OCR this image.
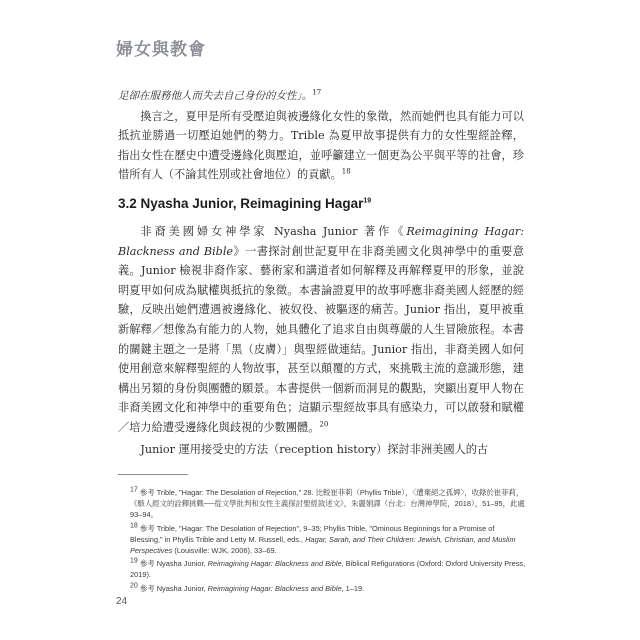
婦女與教會

足卻在服務他人而失去自己身份的女性」。$^{17}$

換言之，夏甲是所有受壓迫與被邊緣化女性的象徵，然而她們也具有能力可以抵抗並勝過一切壓迫她們的勢力。Trible 為夏甲故事提供有力的女性聖經詮釋，指出女性在歷史中遭受邊緣化與壓迫，並呼籲建立一個更為公平與平等的社會，珍惜所有人（不論其性別或社會地位）的貢獻。$^{18}$

3.2 Nyasha Junior, Reimagining Hagar$^{19}$

非裔美國婦女神學家 Nyasha Junior 著作《Reimagining Hagar: Blackness and Bible》一書探討創世記夏甲在非裔美國文化與神學中的重要意義。Junior 檢視非裔作家、藝術家和講道者如何解釋及再解釋夏甲的形象，並說明夏甲如何成為賦權與抵抗的象徵。本書論證夏甲的故事呼應非裔美國人經歷的經驗，反映出她們遭遇被邊緣化、被奴役、被驅逐的痛苦。Junior 指出，夏甲被重新解釋／想像為有能力的人物，她具體化了追求自由與尊嚴的人生冒險旅程。本書的關鍵主題之一是將「黑（皮膚）」與聖經做連結。Junior 指出，非裔美國人如何使用創意來解釋聖經的人物故事，甚至以顛覆的方式，來挑戰主流的意識形態，建構出另類的身份與團體的願景。本書提供一個新而洞見的觀點，突顯出夏甲人物在非裔美國文化和神學中的重要角色；這顯示聖經故事具有感染力，可以啟發和賦權／培力給遭受邊緣化與歧視的少數團體。$^{20}$

Junior 運用接受史的方法（reception history）探討非洲美國人的古

$^{17}$ 參考 Trible, "Hagar: The Desolation of Rejection," 28. 比較崔菲莉（Phyllis Trible），〈遭棄絕之孤婢〉，收錄於崔菲莉，《駭人經文的詮釋挑戰──從文學批判和女性主義探討聖經敘述文》，朱麗娟譯（台北：台灣神學院，2018），51–95，此處 93–94。

$^{18}$ 參考 Trible, "Hagar: The Desolation of Rejection", 9–35; Phyllis Trible, "Ominous Beginnings for a Promise of Blessing," in Phyllis Trible and Letty M. Russell, eds., Hagar, Sarah, and Their Children: Jewish, Christian, and Muslim Perspectives (Louisville: WJK, 2006), 33–69.

$^{19}$ 參考 Nyasha Junior, Reimagining Hagar: Blackness and Bible, Biblical Refigurations (Oxford: Oxford University Press, 2019).

$^{20}$ 參考 Nyasha Junior, Reimagining Hagar: Blackness and Bible, 1–19.

24
